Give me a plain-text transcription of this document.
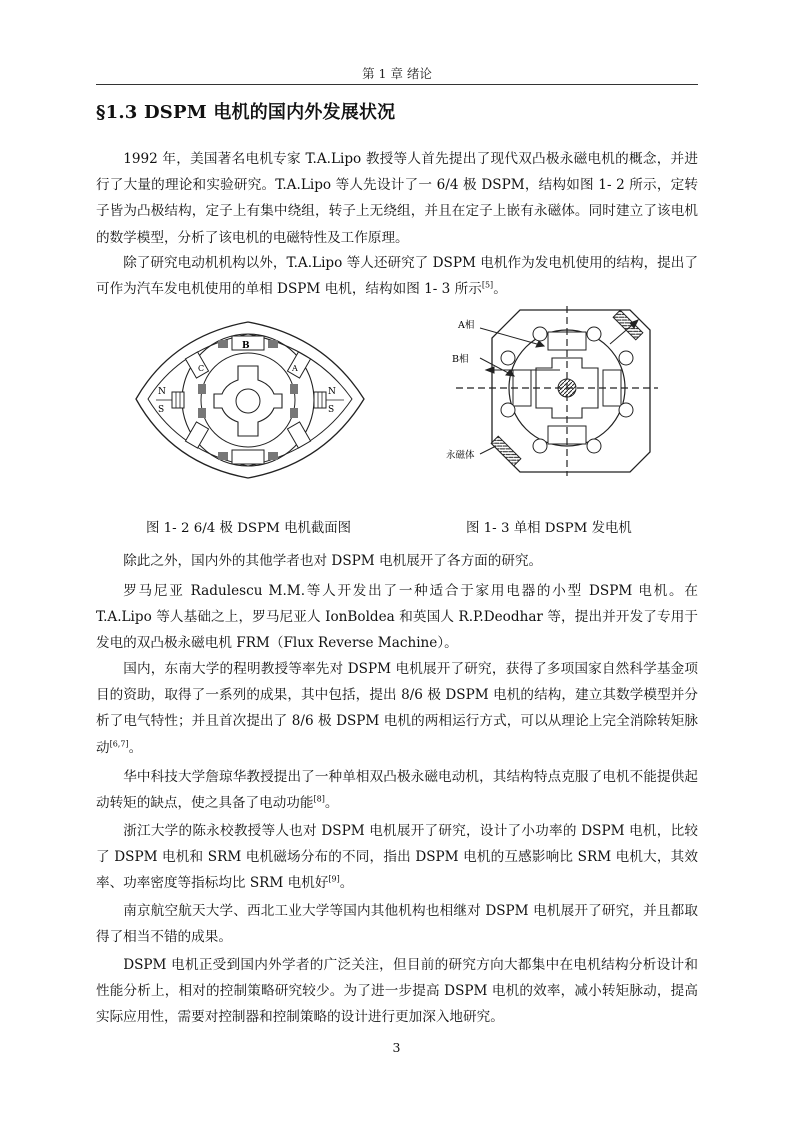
第 1 章 绪论
§1.3 DSPM 电机的国内外发展状况

1992 年，美国著名电机专家 T.A.Lipo 教授等人首先提出了现代双凸极永磁电机的概念，并进行了大量的理论和实验研究。T.A.Lipo 等人先设计了一 6/4 极 DSPM，结构如图 1- 2 所示，定转子皆为凸极结构，定子上有集中绕组，转子上无绕组，并且在定子上嵌有永磁体。同时建立了该电机的数学模型，分析了该电机的电磁特性及工作原理。

除了研究电动机机构以外，T.A.Lipo 等人还研究了 DSPM 电机作为发电机使用的结构，提出了可作为汽车发电机使用的单相 DSPM 电机，结构如图 1- 3 所示[5]。

N
S	S
N
B
C	A
A相
B相
永磁体
图 1- 2 6/4 极 DSPM 电机截面图	图 1- 3 单相 DSPM 发电机

除此之外，国内外的其他学者也对 DSPM 电机展开了各方面的研究。

罗马尼亚 Radulescu M.M.等人开发出了一种适合于家用电器的小型 DSPM 电机。在 T.A.Lipo 等人基础之上，罗马尼亚人 IonBoldea 和英国人 R.P.Deodhar 等，提出并开发了专用于发电的双凸极永磁电机 FRM（Flux Reverse Machine）。

国内，东南大学的程明教授等率先对 DSPM 电机展开了研究，获得了多项国家自然科学基金项目的资助，取得了一系列的成果，其中包括，提出 8/6 极 DSPM 电机的结构，建立其数学模型并分析了电气特性；并且首次提出了 8/6 极 DSPM 电机的两相运行方式，可以从理论上完全消除转矩脉动[6,7]。

华中科技大学詹琼华教授提出了一种单相双凸极永磁电动机，其结构特点克服了电机不能提供起动转矩的缺点，使之具备了电动功能[8]。

浙江大学的陈永校教授等人也对 DSPM 电机展开了研究，设计了小功率的 DSPM 电机，比较了 DSPM 电机和 SRM 电机磁场分布的不同，指出 DSPM 电机的互感影响比 SRM 电机大，其效率、功率密度等指标均比 SRM 电机好[9]。

南京航空航天大学、西北工业大学等国内其他机构也相继对 DSPM 电机展开了研究，并且都取得了相当不错的成果。

DSPM 电机正受到国内外学者的广泛关注，但目前的研究方向大都集中在电机结构分析设计和性能分析上，相对的控制策略研究较少。为了进一步提高 DSPM 电机的效率，减小转矩脉动，提高实际应用性，需要对控制器和控制策略的设计进行更加深入地研究。

3
